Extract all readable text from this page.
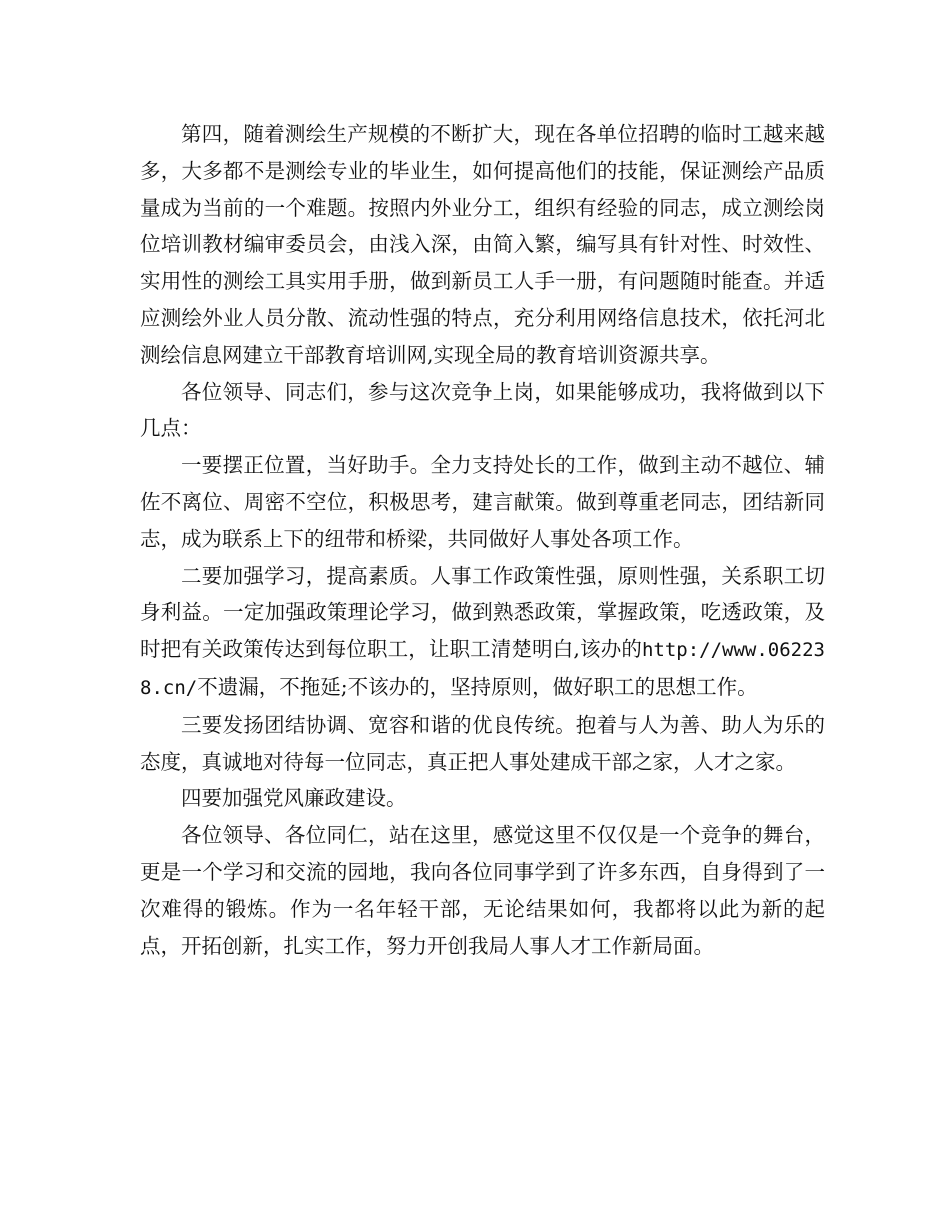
第四，随着测绘生产规模的不断扩大，现在各单位招聘的临时工越来越多，大多都不是测绘专业的毕业生，如何提高他们的技能，保证测绘产品质量成为当前的一个难题。按照内外业分工，组织有经验的同志，成立测绘岗位培训教材编审委员会，由浅入深，由简入繁，编写具有针对性、时效性、实用性的测绘工具实用手册，做到新员工人手一册，有问题随时能查。并适应测绘外业人员分散、流动性强的特点，充分利用网络信息技术，依托河北测绘信息网建立干部教育培训网,实现全局的教育培训资源共享。

各位领导、同志们，参与这次竞争上岗，如果能够成功，我将做到以下几点：

一要摆正位置，当好助手。全力支持处长的工作，做到主动不越位、辅佐不离位、周密不空位，积极思考，建言献策。做到尊重老同志，团结新同志，成为联系上下的纽带和桥梁，共同做好人事处各项工作。

二要加强学习，提高素质。人事工作政策性强，原则性强，关系职工切身利益。一定加强政策理论学习，做到熟悉政策，掌握政策，吃透政策，及时把有关政策传达到每位职工，让职工清楚明白,该办的http://www.062238.cn/不遗漏，不拖延;不该办的，坚持原则，做好职工的思想工作。

三要发扬团结协调、宽容和谐的优良传统。抱着与人为善、助人为乐的态度，真诚地对待每一位同志，真正把人事处建成干部之家，人才之家。

四要加强党风廉政建设。

各位领导、各位同仁，站在这里，感觉这里不仅仅是一个竞争的舞台，更是一个学习和交流的园地，我向各位同事学到了许多东西，自身得到了一次难得的锻炼。作为一名年轻干部，无论结果如何，我都将以此为新的起点，开拓创新，扎实工作，努力开创我局人事人才工作新局面。
